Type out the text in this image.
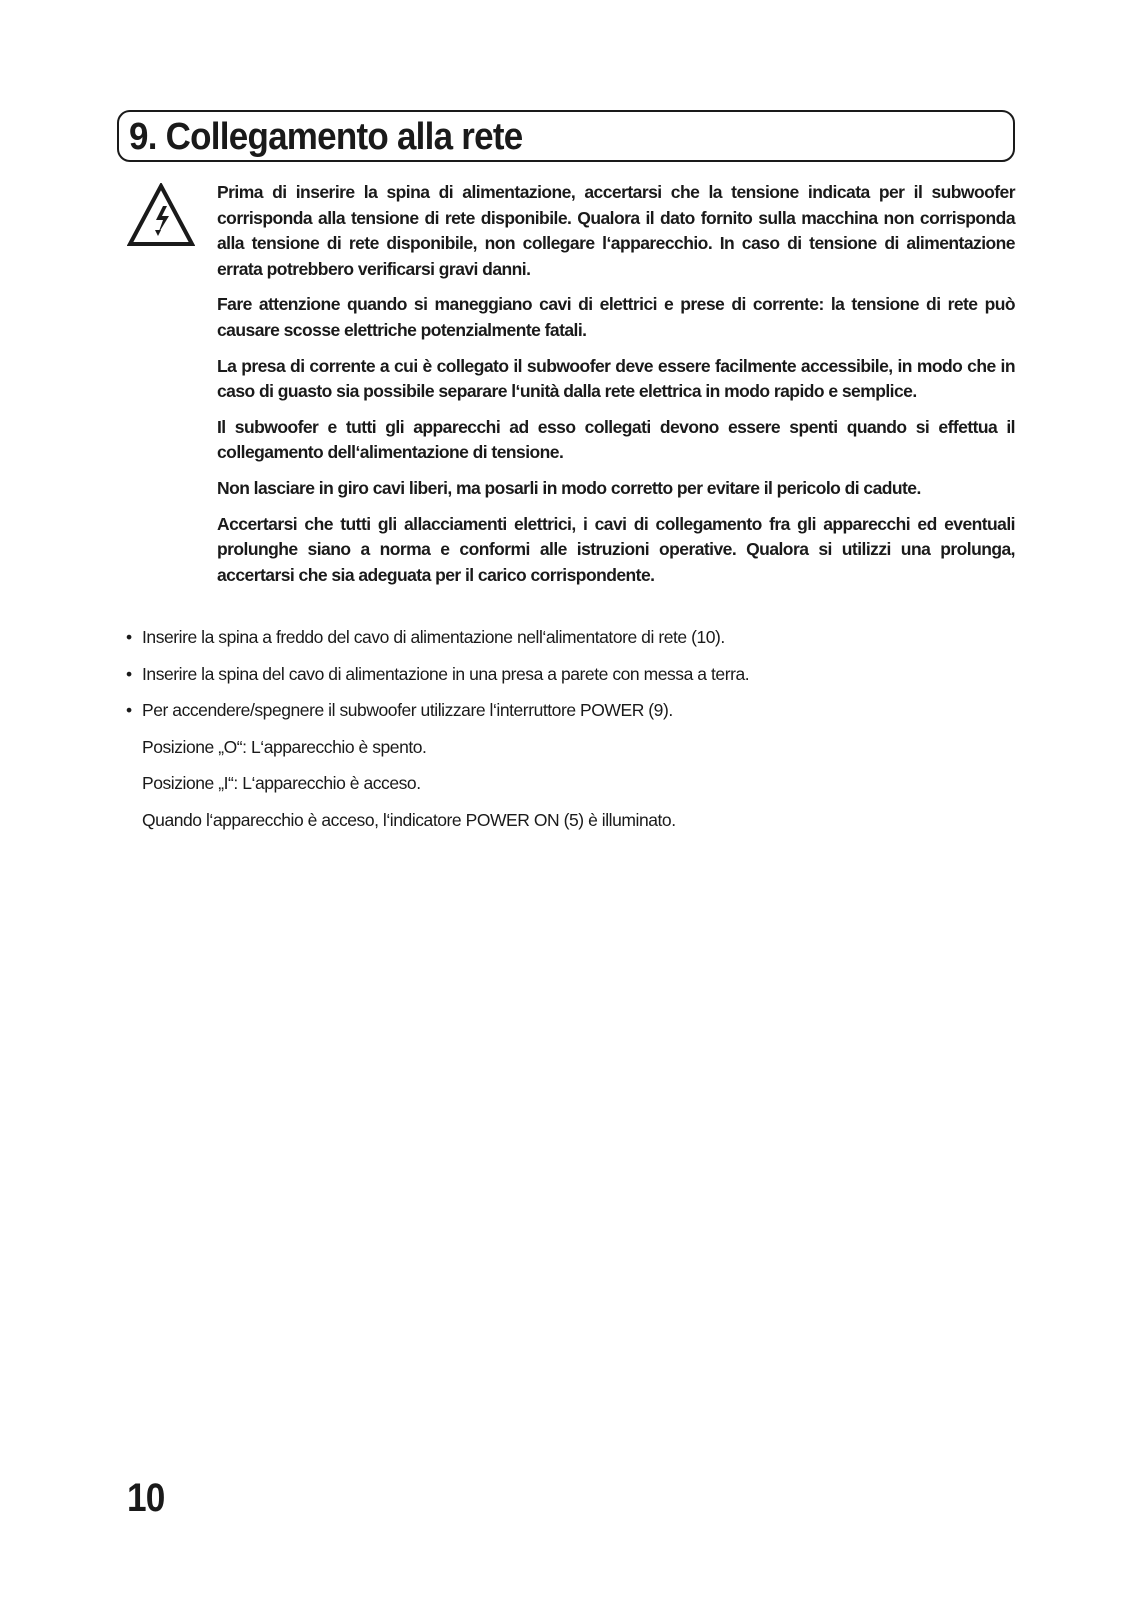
9. Collegamento alla rete

Prima di inserire la spina di alimentazione, accertarsi che la tensione indicata per il subwoofer corrisponda alla tensione di rete disponibile. Qualora il dato fornito sulla macchina non corrisponda alla tensione di rete disponibile, non collegare l‘apparecchio. In caso di tensione di alimentazione errata potrebbero verificarsi gravi danni.

Fare attenzione quando si maneggiano cavi di elettrici e prese di corrente: la tensione di rete può causare scosse elettriche potenzialmente fatali.

La presa di corrente a cui è collegato il subwoofer deve essere facilmente accessibile, in modo che in caso di guasto sia possibile separare l‘unità dalla rete elettrica in modo rapido e semplice.

Il subwoofer e tutti gli apparecchi ad esso collegati devono essere spenti quando si effettua il collegamento dell‘alimentazione di tensione.

Non lasciare in giro cavi liberi, ma posarli in modo corretto per evitare il pericolo di cadute.

Accertarsi che tutti gli allacciamenti elettrici, i cavi di collegamento fra gli apparecchi ed eventuali prolunghe siano a norma e conformi alle istruzioni operative. Qualora si utilizzi una prolunga, accertarsi che sia adeguata per il carico corrispondente.

• Inserire la spina a freddo del cavo di alimentazione nell‘alimentatore di rete (10).
• Inserire la spina del cavo di alimentazione in una presa a parete con messa a terra.
• Per accendere/spegnere il subwoofer utilizzare l‘interruttore POWER (9).
Posizione „O“: L‘apparecchio è spento.
Posizione „I“: L‘apparecchio è acceso.
Quando l‘apparecchio è acceso, l‘indicatore POWER ON (5) è illuminato.
10
